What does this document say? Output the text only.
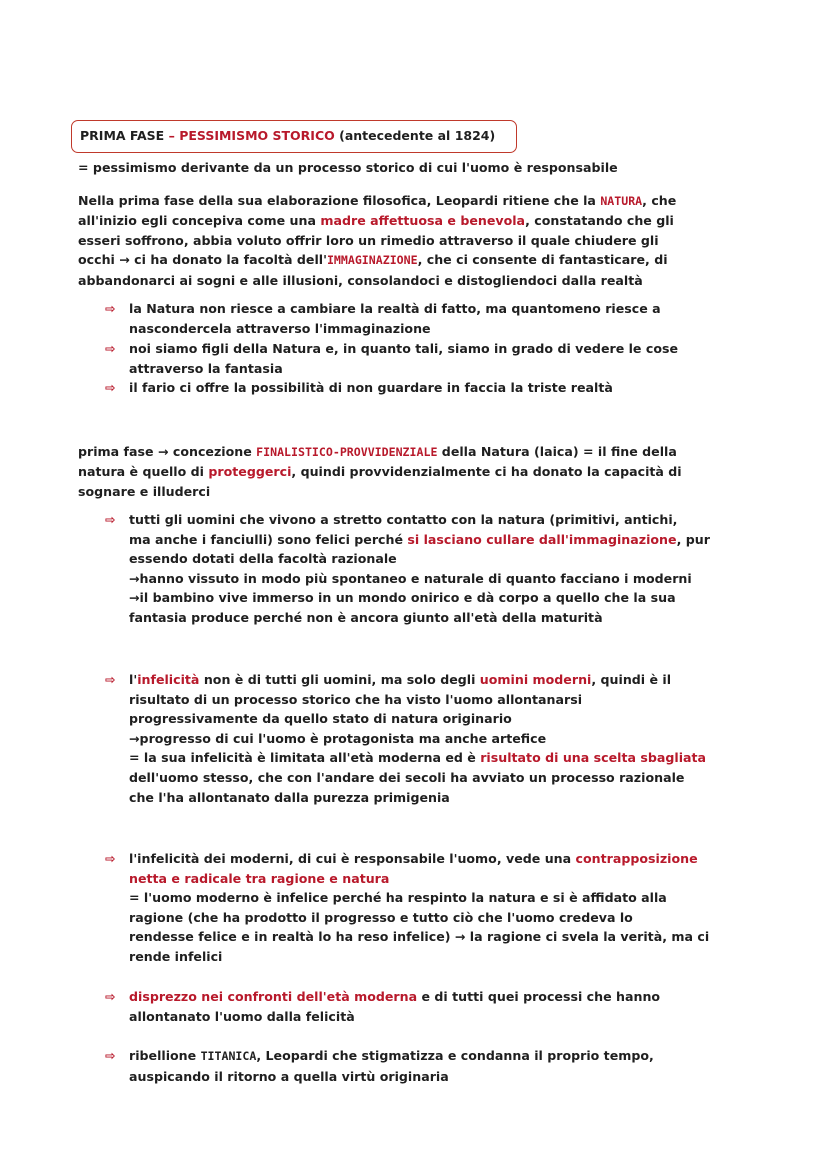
PRIMA FASE – PESSIMISMO STORICO (antecedente al 1824)
= pessimismo derivante da un processo storico di cui l'uomo è responsabile
Nella prima fase della sua elaborazione filosofica, Leopardi ritiene che la NATURA, che
all'inizio egli concepiva come una madre affettuosa e benevola, constatando che gli
esseri soffrono, abbia voluto offrir loro un rimedio attraverso il quale chiudere gli
occhi → ci ha donato la facoltà dell'IMMAGINAZIONE, che ci consente di fantasticare, di
abbandonarci ai sogni e alle illusioni, consolandoci e distogliendoci dalla realtà
⇨	la Natura non riesce a cambiare la realtà di fatto, ma quantomeno riesce a
nascondercela attraverso l'immaginazione
⇨	noi siamo figli della Natura e, in quanto tali, siamo in grado di vedere le cose
attraverso la fantasia
⇨	il fario ci offre la possibilità di non guardare in faccia la triste realtà
prima fase → concezione FINALISTICO-PROVVIDENZIALE della Natura (laica) = il fine della
natura è quello di proteggerci, quindi provvidenzialmente ci ha donato la capacità di
sognare e illuderci
⇨	tutti gli uomini che vivono a stretto contatto con la natura (primitivi, antichi,
ma anche i fanciulli) sono felici perché si lasciano cullare dall'immaginazione, pur
essendo dotati della facoltà razionale
→hanno vissuto in modo più spontaneo e naturale di quanto facciano i moderni
→il bambino vive immerso in un mondo onirico e dà corpo a quello che la sua
fantasia produce perché non è ancora giunto all'età della maturità
⇨	l'infelicità non è di tutti gli uomini, ma solo degli uomini moderni, quindi è il
risultato di un processo storico che ha visto l'uomo allontanarsi
progressivamente da quello stato di natura originario
→progresso di cui l'uomo è protagonista ma anche artefice
= la sua infelicità è limitata all'età moderna ed è risultato di una scelta sbagliata
dell'uomo stesso, che con l'andare dei secoli ha avviato un processo razionale
che l'ha allontanato dalla purezza primigenia
⇨	l'infelicità dei moderni, di cui è responsabile l'uomo, vede una contrapposizione
netta e radicale tra ragione e natura
= l'uomo moderno è infelice perché ha respinto la natura e si è affidato alla
ragione (che ha prodotto il progresso e tutto ciò che l'uomo credeva lo
rendesse felice e in realtà lo ha reso infelice) → la ragione ci svela la verità, ma ci
rende infelici
⇨	disprezzo nei confronti dell'età moderna e di tutti quei processi che hanno
allontanato l'uomo dalla felicità
⇨	ribellione TITANICA, Leopardi che stigmatizza e condanna il proprio tempo,
auspicando il ritorno a quella virtù originaria
